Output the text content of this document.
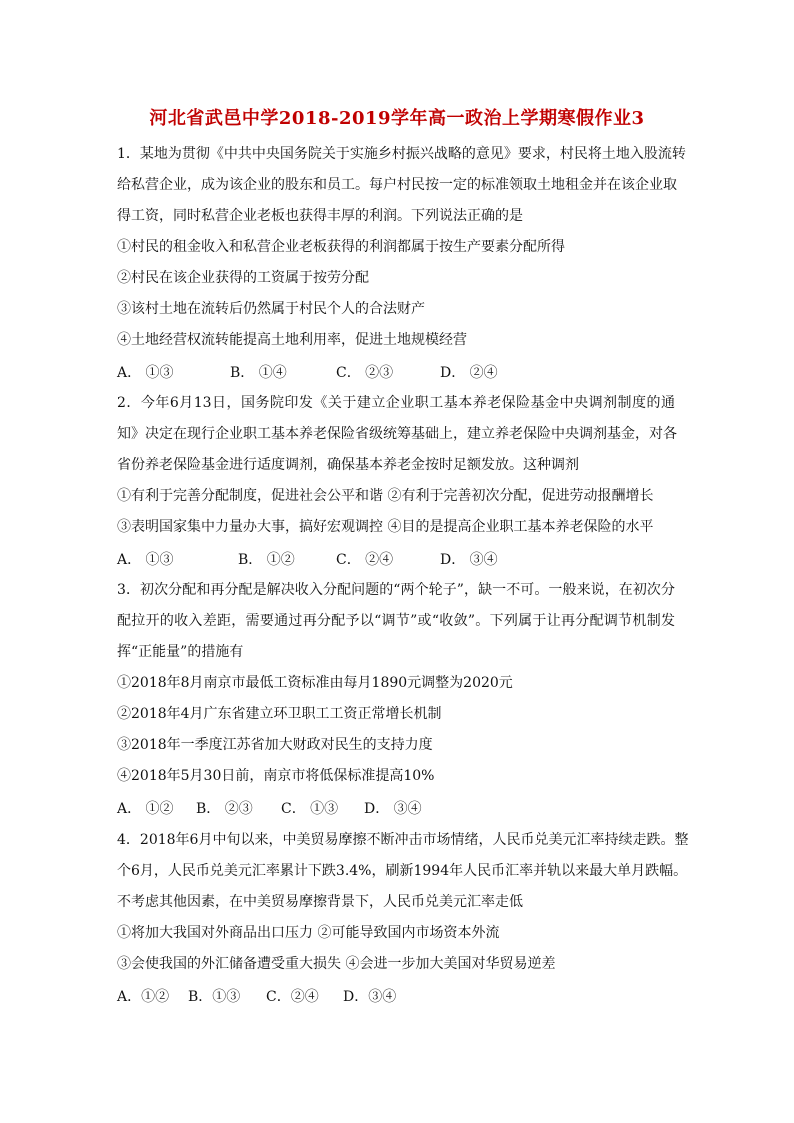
河北省武邑中学2018-2019学年高一政治上学期寒假作业3
1．某地为贯彻《中共中央国务院关于实施乡村振兴战略的意见》要求，村民将土地入股流转
给私营企业，成为该企业的股东和员工。每户村民按一定的标准领取土地租金并在该企业取
得工资，同时私营企业老板也获得丰厚的利润。下列说法正确的是
①村民的租金收入和私营企业老板获得的利润都属于按生产要素分配所得
②村民在该企业获得的工资属于按劳分配
③该村土地在流转后仍然属于村民个人的合法财产
④土地经营权流转能提高土地利用率，促进土地规模经营
A． ①③	B． ①④	C． ②③	D． ②④
2．今年6月13日，国务院印发《关于建立企业职工基本养老保险基金中央调剂制度的通
知》决定在现行企业职工基本养老保险省级统筹基础上，建立养老保险中央调剂基金，对各
省份养老保险基金进行适度调剂，确保基本养老金按时足额发放。这种调剂
①有利于完善分配制度，促进社会公平和谐 ②有利于完善初次分配，促进劳动报酬增长
③表明国家集中力量办大事，搞好宏观调控 ④目的是提高企业职工基本养老保险的水平
A． ①③	B． ①②	C． ②④	D． ③④
3．初次分配和再分配是解决收入分配问题的“两个轮子”，缺一不可。一般来说，在初次分
配拉开的收入差距，需要通过再分配予以“调节”或“收敛”。下列属于让再分配调节机制发
挥“正能量”的措施有
①2018年8月南京市最低工资标准由每月1890元调整为2020元
②2018年4月广东省建立环卫职工工资正常增长机制
③2018年一季度江苏省加大财政对民生的支持力度
④2018年5月30日前，南京市将低保标准提高10%
A． ①② B． ②③ C． ①③ D． ③④
4．2018年6月中旬以来，中美贸易摩擦不断冲击市场情绪，人民币兑美元汇率持续走跌。整
个6月，人民币兑美元汇率累计下跌3.4%，刷新1994年人民币汇率并轨以来最大单月跌幅。
不考虑其他因素，在中美贸易摩擦背景下，人民币兑美元汇率走低
①将加大我国对外商品出口压力 ②可能导致国内市场资本外流
③会使我国的外汇储备遭受重大损失 ④会进一步加大美国对华贸易逆差
A．①② B．①③ C．②④ D．③④
